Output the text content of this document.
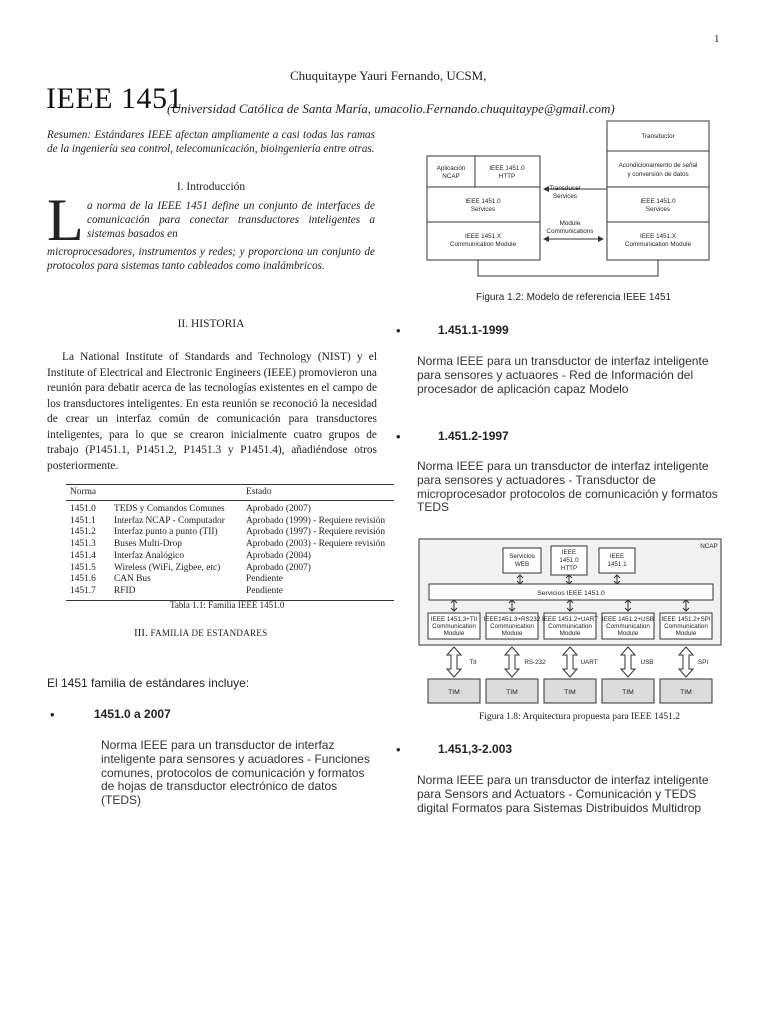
1
Chuquitaype Yauri Fernando, UCSM,
IEEE 1451
(Universidad Católica de Santa María, umacolio.Fernando.chuquitaype@gmail.com)
Resumen: Estándares IEEE afectan ampliamente a casi todas las ramas de la ingeniería sea control, telecomunicación, bioingeniería entre otras.
I. Introducción
L a norma de la IEEE 1451 define un conjunto de interfaces de comunicación para conectar transductores inteligentes a sistemas basados en
microprocesadores, instrumentos y redes; y proporciona un conjunto de protocolos para sistemas tanto cableados como inalámbricos.
II. HISTORIA
La National Institute of Standards and Technology (NIST) y el Institute of Electrical and Electronic Engineers (IEEE) promovieron una reunión para debatir acerca de las tecnologías existentes en el campo de los transductores inteligentes. En esta reunión se reconoció la necesidad de crear un interfaz común de comunicación para transductores inteligentes, para lo que se crearon inicialmente cuatro grupos de trabajo (P1451.1, P1451.2, P1451.3 y P1451.4), añadiéndose otros posteriormente.
Norma		Estado
1451.0	TEDS y Comandos Comunes	Aprobado (2007)
1451.1	Interfaz NCAP - Computador	Aprobado (1999) - Requiere revisión
1451.2	Interfaz punto a punto (TII)	Aprobado (1997) - Requiere revisión
1451.3	Buses Multi-Drop	Aprobado (2003) - Requiere revisión
1451.4	Interfaz Analógico	Aprobado (2004)
1451.5	Wireless (WiFi, Zigbee, etc)	Aprobado (2007)
1451.6	CAN Bus	Pendiente
1451.7	RFID	Pendiente
Tabla 1.1: Familia IEEE 1451.0
III. FAMILIA DE ESTANDARES
El 1451 familia de estándares incluye:
•	1451.0 a 2007
Norma IEEE para un transductor de interfaz inteligente para sensores y acuadores - Funciones comunes, protocolos de comunicación y formatos de hojas de transductor electrónico de datos (TEDS)
•	1.451.1-1999
Norma IEEE para un transductor de interfaz inteligente para sensores y actuaores - Red de Información del procesador de aplicación capaz Modelo
•	1.451.2-1997
Norma IEEE para un transductor de interfaz inteligente para sensores y actuadores - Transductor de microprocesador protocolos de comunicación y formatos TEDS
•	1.451,3-2.003
Norma IEEE para un transductor de interfaz inteligente para Sensors and Actuators - Comunicación y TEDS digital Formatos para Sistemas Distribuidos Multidrop
Aplicación
NCAP
IEEE 1451.0
HTTP
IEEE 1451.0
Services
IEEE 1451.X
Communication Module
Transductor
Acondicionamiento de señal
y conversión de datos
IEEE 1451.0
Services
IEEE 1451.X
Communication Module
Transducer
Services
Module
Communications
Figura 1.2: Modelo de referencia IEEE 1451
NCAP
Servicios
WEB
IEEE
1451.0
HTTP
IEEE
1451.1
Servicios IEEE 1451.0
IEEE 1451.3+TII
Communication
Module
IEEE1451.3+RS232
Communication
Module
IEEE 1451.2+UART
Communication
Module
IEEE 1451.2+USB
Communication
Module
IEEE 1451.2+SPI
Communication
Module
TII	RS-232	UART	USB	SPI
TIM	TIM	TIM	TIM	TIM
Figura 1.8: Arquitectura propuesta para IEEE 1451.2
